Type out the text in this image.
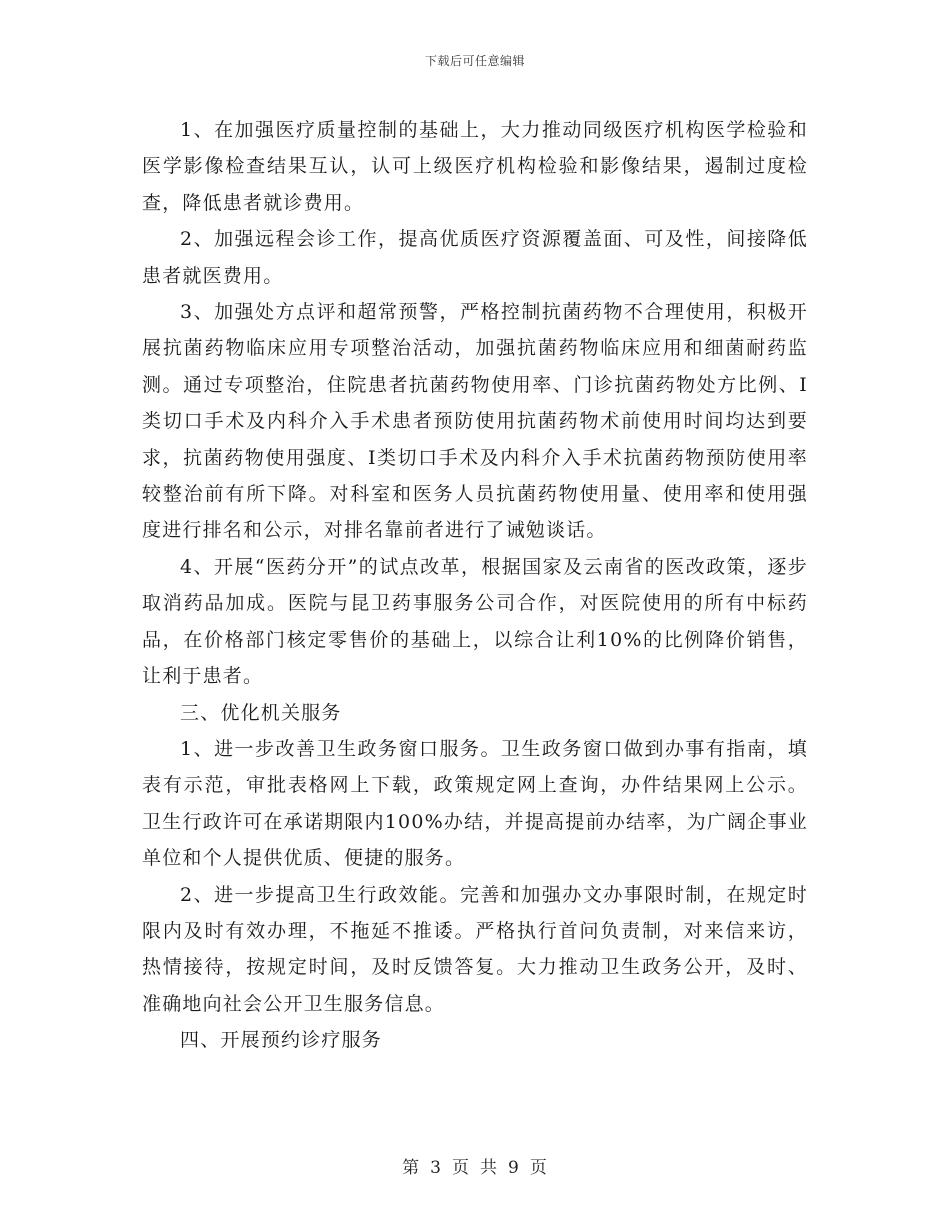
下载后可任意编辑

1、在加强医疗质量控制的基础上，大力推动同级医疗机构医学检验和医学影像检查结果互认，认可上级医疗机构检验和影像结果，遏制过度检查，降低患者就诊费用。

2、加强远程会诊工作，提高优质医疗资源覆盖面、可及性，间接降低患者就医费用。

3、加强处方点评和超常预警，严格控制抗菌药物不合理使用，积极开展抗菌药物临床应用专项整治活动，加强抗菌药物临床应用和细菌耐药监测。通过专项整治，住院患者抗菌药物使用率、门诊抗菌药物处方比例、I类切口手术及内科介入手术患者预防使用抗菌药物术前使用时间均达到要求，抗菌药物使用强度、I类切口手术及内科介入手术抗菌药物预防使用率较整治前有所下降。对科室和医务人员抗菌药物使用量、使用率和使用强度进行排名和公示，对排名靠前者进行了诫勉谈话。

4、开展“医药分开”的试点改革，根据国家及云南省的医改政策，逐步取消药品加成。医院与昆卫药事服务公司合作，对医院使用的所有中标药品，在价格部门核定零售价的基础上，以综合让利10%的比例降价销售，让利于患者。

三、优化机关服务

1、进一步改善卫生政务窗口服务。卫生政务窗口做到办事有指南，填表有示范，审批表格网上下载，政策规定网上查询，办件结果网上公示。卫生行政许可在承诺期限内100%办结，并提高提前办结率，为广阔企事业单位和个人提供优质、便捷的服务。

2、进一步提高卫生行政效能。完善和加强办文办事限时制，在规定时限内及时有效办理，不拖延不推诿。严格执行首问负责制，对来信来访，热情接待，按规定时间，及时反馈答复。大力推动卫生政务公开，及时、准确地向社会公开卫生服务信息。

四、开展预约诊疗服务

第 3 页 共 9 页
